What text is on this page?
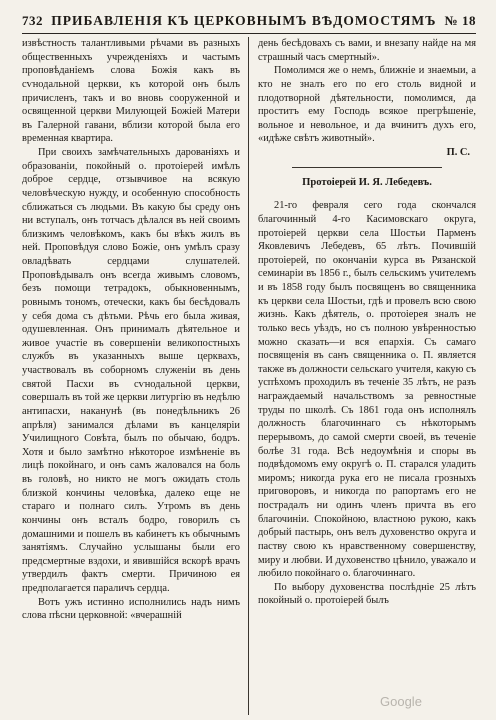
732 ПРИБАВЛЕНІЯ КЪ ЦЕРКОВНЫМЪ ВѢДОМОСТЯМЪ № 18

извѣстность талантливыми рѣчами въ разныхъ общественныхъ учрежденіяхъ и частымъ проповѣданіемъ слова Божія какъ въ сѵнодальной церкви, къ которой онъ былъ причисленъ, такъ и во вновь сооруженной и освященной церкви Милующей Божіей Матери въ Галерной гавани, вблизи которой была его временная квартира.

При своихъ замѣчательныхъ дарованіяхъ и образованіи, покойный о. протоіерей имѣлъ доброе сердце, отзывчивое на всякую человѣческую нужду, и особенную способность сближаться съ людьми. Въ какую бы среду онъ ни вступалъ, онъ тотчасъ дѣлался въ ней своимъ близкимъ человѣкомъ, какъ бы вѣкъ жилъ въ ней. Проповѣдуя слово Божіе, онъ умѣлъ сразу овладѣвать сердцами слушателей. Проповѣдывалъ онъ всегда живымъ словомъ, безъ помощи тетрадокъ, обыкновеннымъ, ровнымъ тономъ, отечески, какъ бы бесѣдовалъ у себя дома съ дѣтьми. Рѣчь его была живая, одушевленная. Онъ принималъ дѣятельное и живое участіе въ совершеніи великопостныхъ службъ въ указанныхъ выше церквахъ, участвовалъ въ соборномъ служеніи въ день святой Пасхи въ сѵнодальной церкви, совершалъ въ той же церкви литургію въ недѣлю антипасхи, наканунѣ (въ понедѣльникъ 26 апрѣля) занимался дѣлами въ канцеляріи Училищного Совѣта, былъ по обычаю, бодръ. Хотя и было замѣтно нѣкоторое измѣненіе въ лицѣ покойнаго, и онъ самъ жаловался на боль въ головѣ, но никто не могъ ожидать столь близкой кончины человѣка, далеко еще не стараго и полнаго силъ. Утромъ въ день кончины онъ всталъ бодро, говорилъ съ домашними и пошелъ въ кабинетъ къ обычнымъ занятіямъ. Случайно услышаны были его предсмертные вздохи, и явившійся вскорѣ врачъ утвердилъ фактъ смерти. Причиною ея предполагается параличъ сердца.

Вотъ ужъ истинно исполнились надъ нимъ слова пѣсни церковной: «вчерашній

день бесѣдовахъ съ вами, и внезапу найде на мя страшный часъ смертный».

Помолимся же о немъ, ближніе и знаемыи, а кто не зналъ его по его столь видной и плодотворной дѣятельности, помолимся, да проститъ ему Господь всякое прегрѣшеніе, вольное и невольное, и да вчинитъ духъ его, «идѣже свѣтъ животный».

П. С.

Протоіерей И. Я. Лебедевъ.

21-го февраля сего года скончался благочинный 4-го Касимовскаго округа, протоіерей церкви села Шостьи Парменъ Яковлевичъ Лебедевъ, 65 лѣтъ. Почившій протоіерей, по окончаніи курса въ Рязанской семинаріи въ 1856 г., былъ сельскимъ учителемъ и въ 1858 году былъ посвященъ во священника къ церкви села Шостьи, гдѣ и провелъ всю свою жизнь. Какъ дѣятель, о. протоіерея зналъ не только весь уѣздъ, но съ полною увѣренностью можно сказать—и вся епархія. Съ самаго посвященія въ санъ священника о. П. является также въ должности сельскаго учителя, какую съ успѣхомъ проходилъ въ теченіе 35 лѣтъ, не разъ награждаемый начальствомъ за ревностные труды по школѣ. Съ 1861 года онъ исполнялъ должность благочиннаго съ нѣкоторымъ перерывомъ, до самой смерти своей, въ теченіе болѣе 31 года. Всѣ недоумѣнія и споры въ подвѣдомомъ ему округѣ о. П. старался уладить миромъ; никогда рука его не писала грозныхъ приговоровъ, и никогда по рапортамъ его не пострадалъ ни одинъ членъ причта въ его благочиніи. Спокойною, властною рукою, какъ добрый пастырь, онъ велъ духовенство округа и паству свою къ нравственному совершенству, миру и любви. И духовенство цѣнило, уважало и любило покойнаго о. благочиннаго.

По выбору духовенства послѣдніе 25 лѣтъ покойный о. протоіерей былъ

Google
